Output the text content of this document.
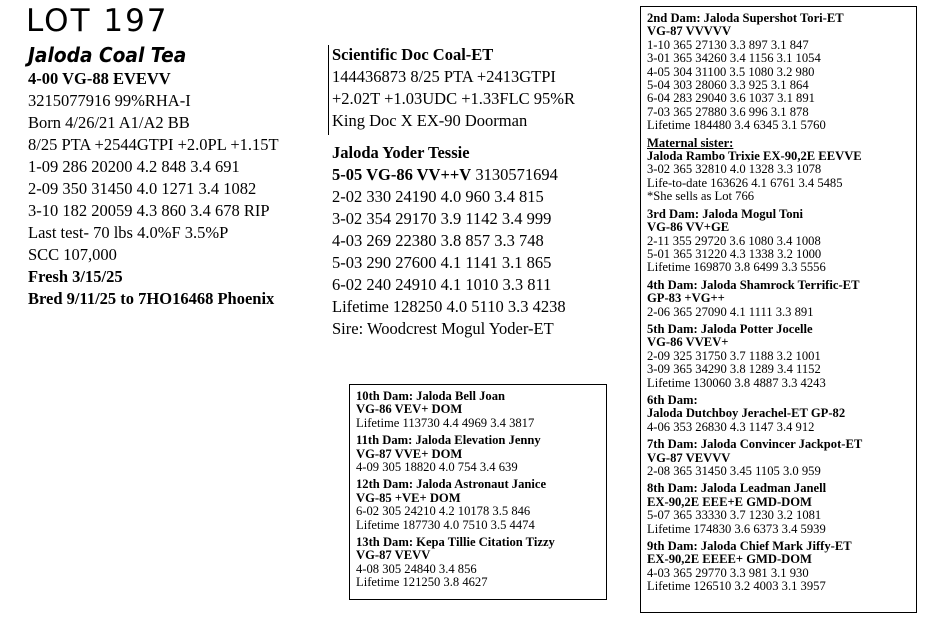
LOT 197
Jaloda Coal Tea
4-00 VG-88 EVEVV
3215077916 99%RHA-I
Born 4/26/21 A1/A2 BB
8/25 PTA +2544GTPI +2.0PL +1.15T
1-09 286 20200 4.2 848 3.4 691
2-09 350 31450 4.0 1271 3.4 1082
3-10 182 20059 4.3 860 3.4 678 RIP
Last test- 70 lbs 4.0%F 3.5%P
SCC 107,000
Fresh 3/15/25
Bred 9/11/25 to 7HO16468 Phoenix
Scientific Doc Coal-ET
144436873 8/25 PTA +2413GTPI
+2.02T +1.03UDC +1.33FLC 95%R
King Doc X EX-90 Doorman
Jaloda Yoder Tessie
5-05 VG-86 VV++V 3130571694
2-02 330 24190 4.0 960 3.4 815
3-02 354 29170 3.9 1142 3.4 999
4-03 269 22380 3.8 857 3.3 748
5-03 290 27600 4.1 1141 3.1 865
6-02 240 24910 4.1 1010 3.3 811
Lifetime 128250 4.0 5110 3.3 4238
Sire: Woodcrest Mogul Yoder-ET
10th Dam: Jaloda Bell Joan
VG-86 VEV+ DOM
Lifetime 113730 4.4 4969 3.4 3817
11th Dam: Jaloda Elevation Jenny
VG-87 VVE+ DOM
4-09 305 18820 4.0 754 3.4 639
12th Dam: Jaloda Astronaut Janice
VG-85 +VE+ DOM
6-02 305 24210 4.2 10178 3.5 846
Lifetime 187730 4.0 7510 3.5 4474
13th Dam: Kepa Tillie Citation Tizzy
VG-87 VEVV
4-08 305 24840 3.4 856
Lifetime 121250 3.8 4627
2nd Dam: Jaloda Supershot Tori-ET
VG-87 VVVVV
1-10 365 27130 3.3 897 3.1 847
3-01 365 34260 3.4 1156 3.1 1054
4-05 304 31100 3.5 1080 3.2 980
5-04 303 28060 3.3 925 3.1 864
6-04 283 29040 3.6 1037 3.1 891
7-03 365 27880 3.6 996 3.1 878
Lifetime 184480 3.4 6345 3.1 5760
Maternal sister:
Jaloda Rambo Trixie EX-90,2E EEVVE
3-02 365 32810 4.0 1328 3.3 1078
Life-to-date 163626 4.1 6761 3.4 5485
*She sells as Lot 766
3rd Dam: Jaloda Mogul Toni
VG-86 VV+GE
2-11 355 29720 3.6 1080 3.4 1008
5-01 365 31220 4.3 1338 3.2 1000
Lifetime 169870 3.8 6499 3.3 5556
4th Dam: Jaloda Shamrock Terrific-ET
GP-83 +VG++
2-06 365 27090 4.1 1111 3.3 891
5th Dam: Jaloda Potter Jocelle
VG-86 VVEV+
2-09 325 31750 3.7 1188 3.2 1001
3-09 365 34290 3.8 1289 3.4 1152
Lifetime 130060 3.8 4887 3.3 4243
6th Dam:
Jaloda Dutchboy Jerachel-ET GP-82
4-06 353 26830 4.3 1147 3.4 912
7th Dam: Jaloda Convincer Jackpot-ET
VG-87 VEVVV
2-08 365 31450 3.45 1105 3.0 959
8th Dam: Jaloda Leadman Janell
EX-90,2E EEE+E GMD-DOM
5-07 365 33330 3.7 1230 3.2 1081
Lifetime 174830 3.6 6373 3.4 5939
9th Dam: Jaloda Chief Mark Jiffy-ET
EX-90,2E EEEE+ GMD-DOM
4-03 365 29770 3.3 981 3.1 930
Lifetime 126510 3.2 4003 3.1 3957
